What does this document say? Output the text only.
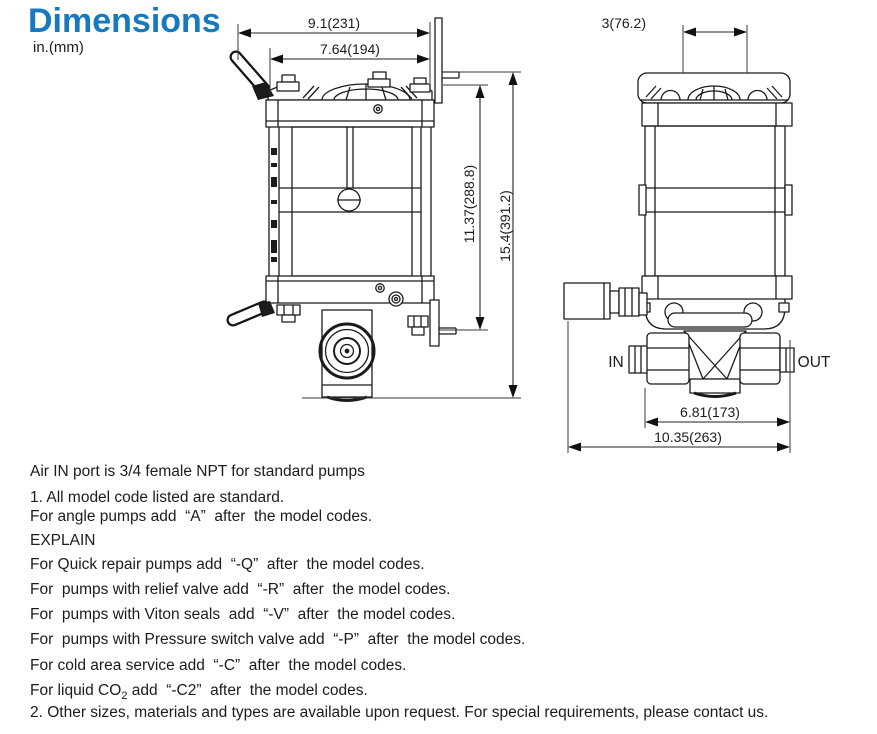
Dimensions
in.(mm)
9.1(231)
7.64(194)
11.37(288.8) 15.4(391.2)
IN	OUT
3(76.2)
6.81(173)
10.35(263)
Air IN port is 3/4 female NPT for standard pumps
1. All model code listed are standard.
For angle pumps add  “A”  after  the model codes.
EXPLAIN
For Quick repair pumps add  “-Q”  after  the model codes.
For  pumps with relief valve add  “-R”  after  the model codes.
For  pumps with Viton seals  add  “-V”  after  the model codes.
For  pumps with Pressure switch valve add  “-P”  after  the model codes.
For cold area service add  “-C”  after  the model codes.
For liquid $CO_2$ add  “-C2”  after  the model codes.
2. Other sizes, materials and types are available upon request. For special requirements, please contact us.
